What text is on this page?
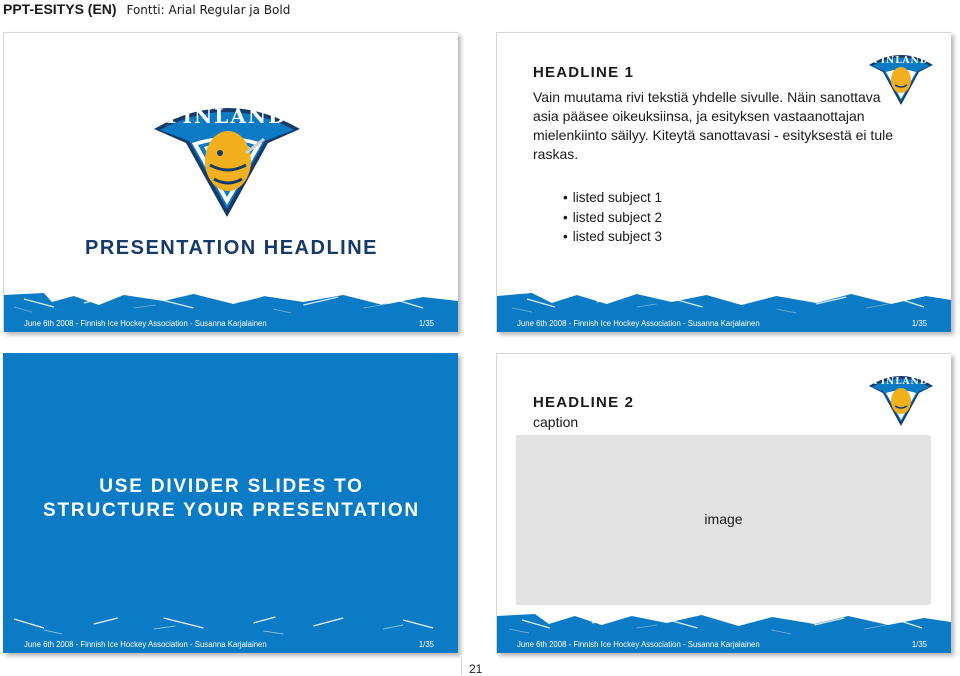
PPT-ESITYS (EN) Fontti: Arial Regular ja Bold
FINLAND
PRESENTATION HEADLINE
June 6th 2008 - Finnish Ice Hockey Association - Susanna Karjalainen	1/35
FINLAND
HEADLINE 1
Vain muutama rivi tekstiä yhdelle sivulle. Näin sanottava asia pääsee oikeuksiinsa, ja esityksen vastaanottajan mielenkiinto säilyy. Kiteytä sanottavasi - esityksestä ei tule raskas.
• listed subject 1
• listed subject 2
• listed subject 3
June 6th 2008 - Finnish Ice Hockey Association - Susanna Karjalainen	1/35
USE DIVIDER SLIDES TO
STRUCTURE YOUR PRESENTATION
June 6th 2008 - Finnish Ice Hockey Association - Susanna Karjalainen	1/35
FINLAND
HEADLINE 2
caption
image
June 6th 2008 - Finnish Ice Hockey Association - Susanna Karjalainen	1/35
21
